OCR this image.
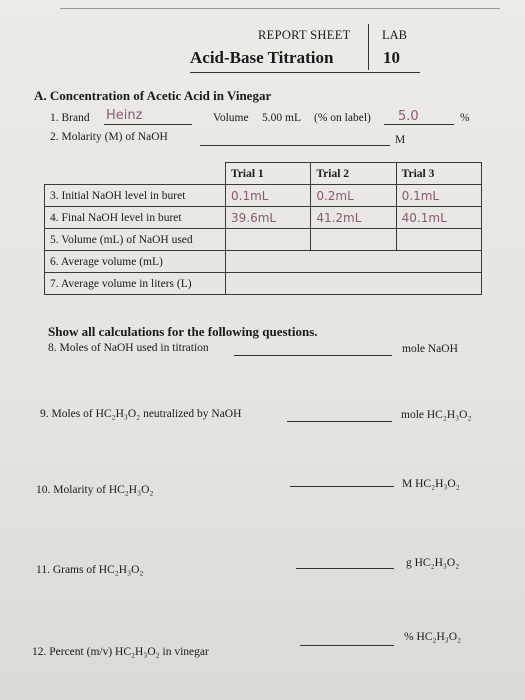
REPORT SHEET	LAB
Acid-Base Titration	10
A. Concentration of Acetic Acid in Vinegar
1. Brand Heinz	Volume 5.00 mL (% on label) 5.0	%
2. Molarity (M) of NaOH	M
	Trial 1	Trial 2	Trial 3
3. Initial NaOH level in buret	0.1mL	0.2mL	0.1mL
4. Final NaOH level in buret	39.6mL	41.2mL	40.1mL
5. Volume (mL) of NaOH used			
6. Average volume (mL)			
7. Average volume in liters (L)			
Show all calculations for the following questions.
8. Moles of NaOH used in titration	mole NaOH
9. Moles of HC₂H₃O₂ neutralized by NaOH	mole HC₂H₃O₂
10. Molarity of HC₂H₃O₂	M HC₂H₃O₂
11. Grams of HC₂H₃O₂
g HC₂H₃O₂
12. Percent (m/v) HC₂H₃O₂ in vinegar
% HC₂H₃O₂
